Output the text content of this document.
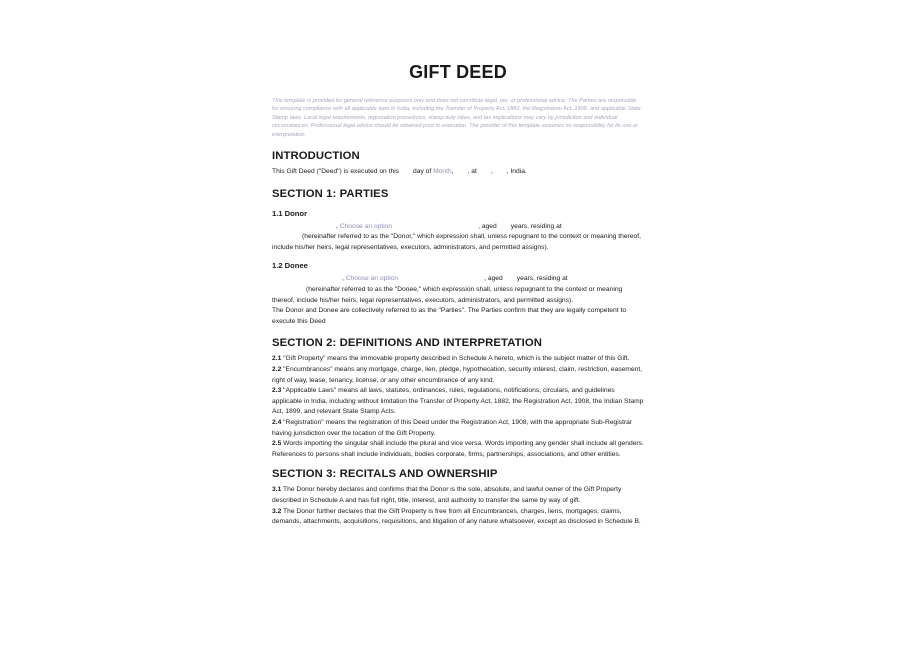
GIFT DEED
This template is provided for general reference purposes only and does not constitute legal, tax, or professional advice. The Parties are responsible for ensuring compliance with all applicable laws in India, including the Transfer of Property Act, 1882, the Registration Act, 1908, and applicable State Stamp laws. Local legal requirements, registration procedures, stamp duty rates, and tax implications may vary by jurisdiction and individual circumstances. Professional legal advice should be obtained prior to execution. The provider of this template assumes no responsibility for its use or interpretation.
INTRODUCTION

This Gift Deed ("Deed") is executed on this day of Month, , at , , India.

SECTION 1: PARTIES
1.1 Donor

, Choose an option	, aged years, residing at
(hereinafter referred to as the "Donor," which expression shall, unless repugnant to the context or meaning thereof, include his/her heirs, legal representatives, executors, administrators, and permitted assigns).

1.2 Donee

, Choose an option	, aged years, residing at
(hereinafter referred to as the "Donee," which expression shall, unless repugnant to the context or meaning thereof, include his/her heirs, legal representatives, executors, administrators, and permitted assigns).

The Donor and Donee are collectively referred to as the "Parties". The Parties confirm that they are legally competent to execute this Deed

SECTION 2: DEFINITIONS AND INTERPRETATION

2.1 "Gift Property" means the immovable property described in Schedule A hereto, which is the subject matter of this Gift.

2.2 "Encumbrances" means any mortgage, charge, lien, pledge, hypothecation, security interest, claim, restriction, easement, right of way, lease, tenancy, license, or any other encumbrance of any kind.

2.3 "Applicable Laws" means all laws, statutes, ordinances, rules, regulations, notifications, circulars, and guidelines applicable in India, including without limitation the Transfer of Property Act, 1882, the Registration Act, 1908, the Indian Stamp Act, 1899, and relevant State Stamp Acts.

2.4 "Registration" means the registration of this Deed under the Registration Act, 1908, with the appropriate Sub-Registrar having jurisdiction over the location of the Gift Property.

2.5 Words importing the singular shall include the plural and vice versa. Words importing any gender shall include all genders. References to persons shall include individuals, bodies corporate, firms, partnerships, associations, and other entities.

SECTION 3: RECITALS AND OWNERSHIP

3.1 The Donor hereby declares and confirms that the Donor is the sole, absolute, and lawful owner of the Gift Property described in Schedule A and has full right, title, interest, and authority to transfer the same by way of gift.

3.2 The Donor further declares that the Gift Property is free from all Encumbrances, charges, liens, mortgages, claims, demands, attachments, acquisitions, requisitions, and litigation of any nature whatsoever, except as disclosed in Schedule B.
